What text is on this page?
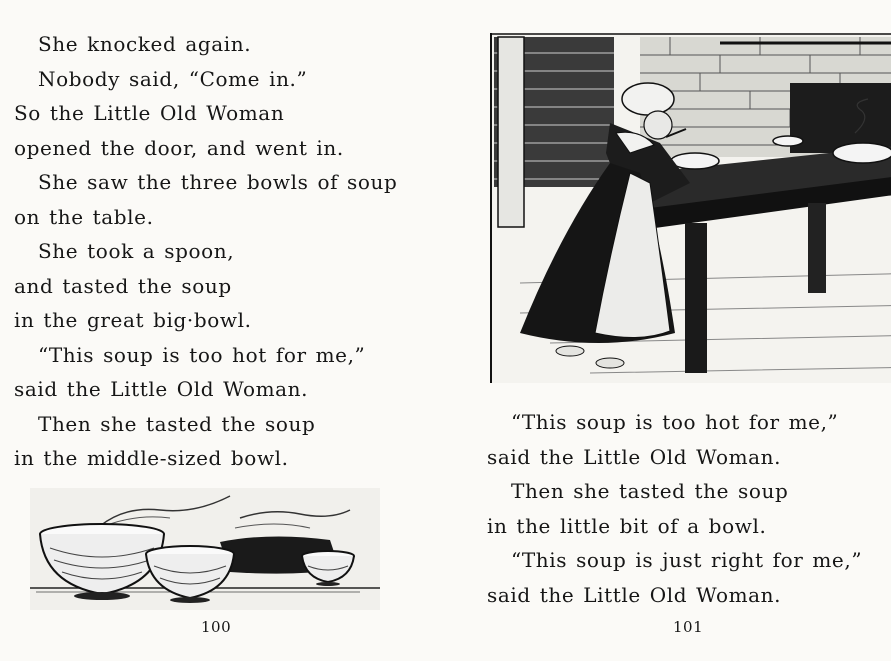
She knocked again.
Nobody said, “Come in.”
So the Little Old Woman
opened the door, and went in.
She saw the three bowls of soup
on the table.
She took a spoon,
and tasted the soup
in the great big·bowl.
“This soup is too hot for me,”
said the Little Old Woman.
Then she tasted the soup
in the middle-sized bowl.
100
“This soup is too hot for me,”
said the Little Old Woman.
Then she tasted the soup
in the little bit of a bowl.
“This soup is just right for me,”
said the Little Old Woman.
101
